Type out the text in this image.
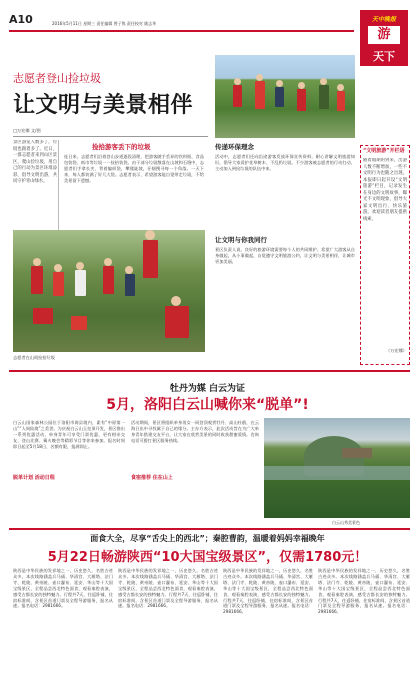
A10	2016年5月11日 星期三 责任编辑 曾子隽 责任校对 姚志华
天中晚报
游
天下
志愿者登山捡垃圾
让文明与美景相伴
□万宏娜 文/图
景区游览人数多了，垃圾也跟着多了。近日，一群志愿者来到山区景区，爬山捡垃圾，用自己的行动为景区环境添彩，倡导文明出游，共同守护青山绿水。
捡拾游客丢下的垃圾
连日来，志愿者们沿着登山步道逐段清理，把游客随手丢弃的饮料瓶、食品包装袋、纸巾等垃圾一一捡拾装袋。由于部分垃圾散落在山坡和石缝中，志愿者们手拿长夹、背着编织袋，攀爬陡坡，仔细搜寻每一个角落。一天下来，每人都装满了好几大袋。志愿者表示，希望游客能自觉带走垃圾，不给美景留下遗憾。
志愿者在山间捡拾垃圾
传递环保理念
活动中，志愿者们还向沿途游客发放环保宣传资料，耐心讲解文明旅游知识，倡导大家爱护花草树木、不乱扔垃圾。不少游客被志愿者的行动打动，主动加入到捡垃圾的队伍中来。
“文明旅游”开栏语
随着假期的到来，出游人数不断增加，一些不文明行为也随之出现。本报即日起开设“文明旅游”栏目，记录发生在身边的文明故事，曝光不文明现象，倡导大家文明出行、快乐旅游。欢迎读者朋友提供线索。
（万宏娜）
让文明与你我同行
景区负责人说，良好的旅游环境需要每个人的共同维护。希望广大游客从自身做起，从小事做起，自觉遵守文明旅游公约，让文明与美景相伴，让城市更加美丽。
牡丹为媒 白云为证
5月，洛阳白云山喊你来“脱单”!
白云山国家森林公园位于洛阳市嵩县境内，素有“中原第一山”“人间仙境”之美誉。为庆祝白云山玉皇顶开发，景区推出一系列优惠活动，单身青年可享受门票优惠，更有相亲交友、登山比赛、篝火晚会等精彩节目等你来参加。报名时间即日起至5月18日，名额有限，报满即止。
脱单计划 活动日程
活动期间，景区将组织单身男女一同登顶观赏牡丹、高山杜鹃，在云海日出中寻找属于自己的缘分。主办方表示，此次活动旨在为广大单身青年搭建交友平台，让大家在欣赏美景的同时收获甜蜜爱情。咨询电话可拨打景区服务热线。
食宿推荐 住在山上
白云山秀美景色
面食大全，尽享“舌尖上的西北”；秦腔曹韵，温暖着妈妈幸福晚年
5月22日畅游陕西“10大国宝级景区”，仅需1780元！
陕西是中华民族的发祥地之一，历史悠久，名胜古迹众多。本次线路涵盖兵马俑、华清宫、大雁塔、法门寺、乾陵、黄帝陵、壶口瀑布、延安、华山等十大国宝级景区，全程品尝西北特色面食，观看秦腔表演，感受古都长安的独特魅力。行程共7天，往返卧铺，住宿标准间，含景区首道门票及全程导游服务，报名从速。报名电话：2981666。
陕西是中华民族的发祥地之一，历史悠久，名胜古迹众多。本次线路涵盖兵马俑、华清宫、大雁塔、法门寺、乾陵、黄帝陵、壶口瀑布、延安、华山等十大国宝级景区，全程品尝西北特色面食，观看秦腔表演，感受古都长安的独特魅力。行程共7天，往返卧铺，住宿标准间，含景区首道门票及全程导游服务，报名从速。报名电话：2981666。
陕西是中华民族的发祥地之一，历史悠久，名胜古迹众多。本次线路涵盖兵马俑、华清宫、大雁塔、法门寺、乾陵、黄帝陵、壶口瀑布、延安、华山等十大国宝级景区，全程品尝西北特色面食，观看秦腔表演，感受古都长安的独特魅力。行程共7天，往返卧铺，住宿标准间，含景区首道门票及全程导游服务，报名从速。报名电话：2981666。
陕西是中华民族的发祥地之一，历史悠久，名胜古迹众多。本次线路涵盖兵马俑、华清宫、大雁塔、法门寺、乾陵、黄帝陵、壶口瀑布、延安、华山等十大国宝级景区，全程品尝西北特色面食，观看秦腔表演，感受古都长安的独特魅力。行程共7天，往返卧铺，住宿标准间，含景区首道门票及全程导游服务，报名从速。报名电话：2981666。
